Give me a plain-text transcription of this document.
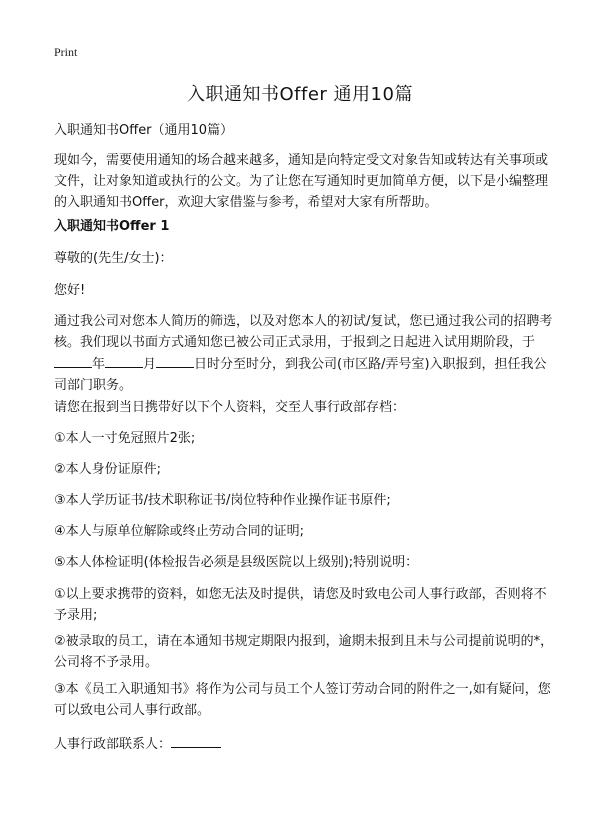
Print
入职通知书Offer 通用10篇

入职通知书Offer（通用10篇）

现如今，需要使用通知的场合越来越多，通知是向特定受文对象告知或转达有关事项或文件，让对象知道或执行的公文。为了让您在写通知时更加简单方便，以下是小编整理的入职通知书Offer，欢迎大家借鉴与参考，希望对大家有所帮助。

入职通知书Offer 1

尊敬的(先生/女士)：

您好!

通过我公司对您本人简历的筛选，以及对您本人的初试/复试，您已通过我公司的招聘考核。我们现以书面方式通知您已被公司正式录用，于报到之日起进入试用期阶段，于年	月	日时分至时分，到我公司(市区路/弄号室)入职报到，担任我公司部门职务。

请您在报到当日携带好以下个人资料，交至人事行政部存档：

①本人一寸免冠照片2张;

②本人身份证原件;

③本人学历证书/技术职称证书/岗位特种作业操作证书原件;

④本人与原单位解除或终止劳动合同的证明;

⑤本人体检证明(体检报告必须是县级医院以上级别);特别说明：

①以上要求携带的资料，如您无法及时提供，请您及时致电公司人事行政部，否则将不予录用;

②被录取的员工，请在本通知书规定期限内报到，逾期未报到且未与公司提前说明的*，公司将不予录用。

③本《员工入职通知书》将作为公司与员工个人签订劳动合同的附件之一,如有疑问，您可以致电公司人事行政部。

人事行政部联系人：
